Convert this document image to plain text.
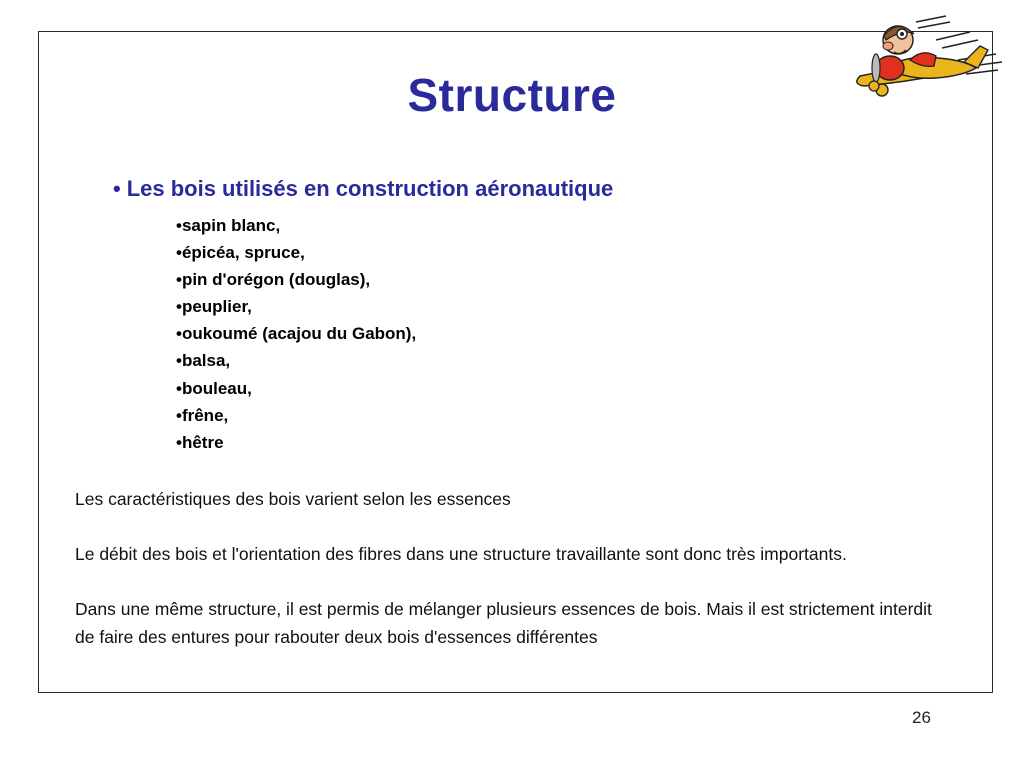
Structure
• Les bois utilisés en construction aéronautique
• sapin blanc,
• épicéa, spruce,
• pin d'orégon (douglas),
• peuplier,
• oukoumé (acajou du Gabon),
• balsa,
• bouleau,
• frêne,
• hêtre

Les caractéristiques des bois varient selon les essences

Le débit des bois et l'orientation des fibres dans une structure travaillante sont donc très importants.

Dans une même structure, il est permis de mélanger plusieurs essences de bois. Mais il est strictement interdit de faire des entures pour rabouter deux bois d'essences différentes

26
